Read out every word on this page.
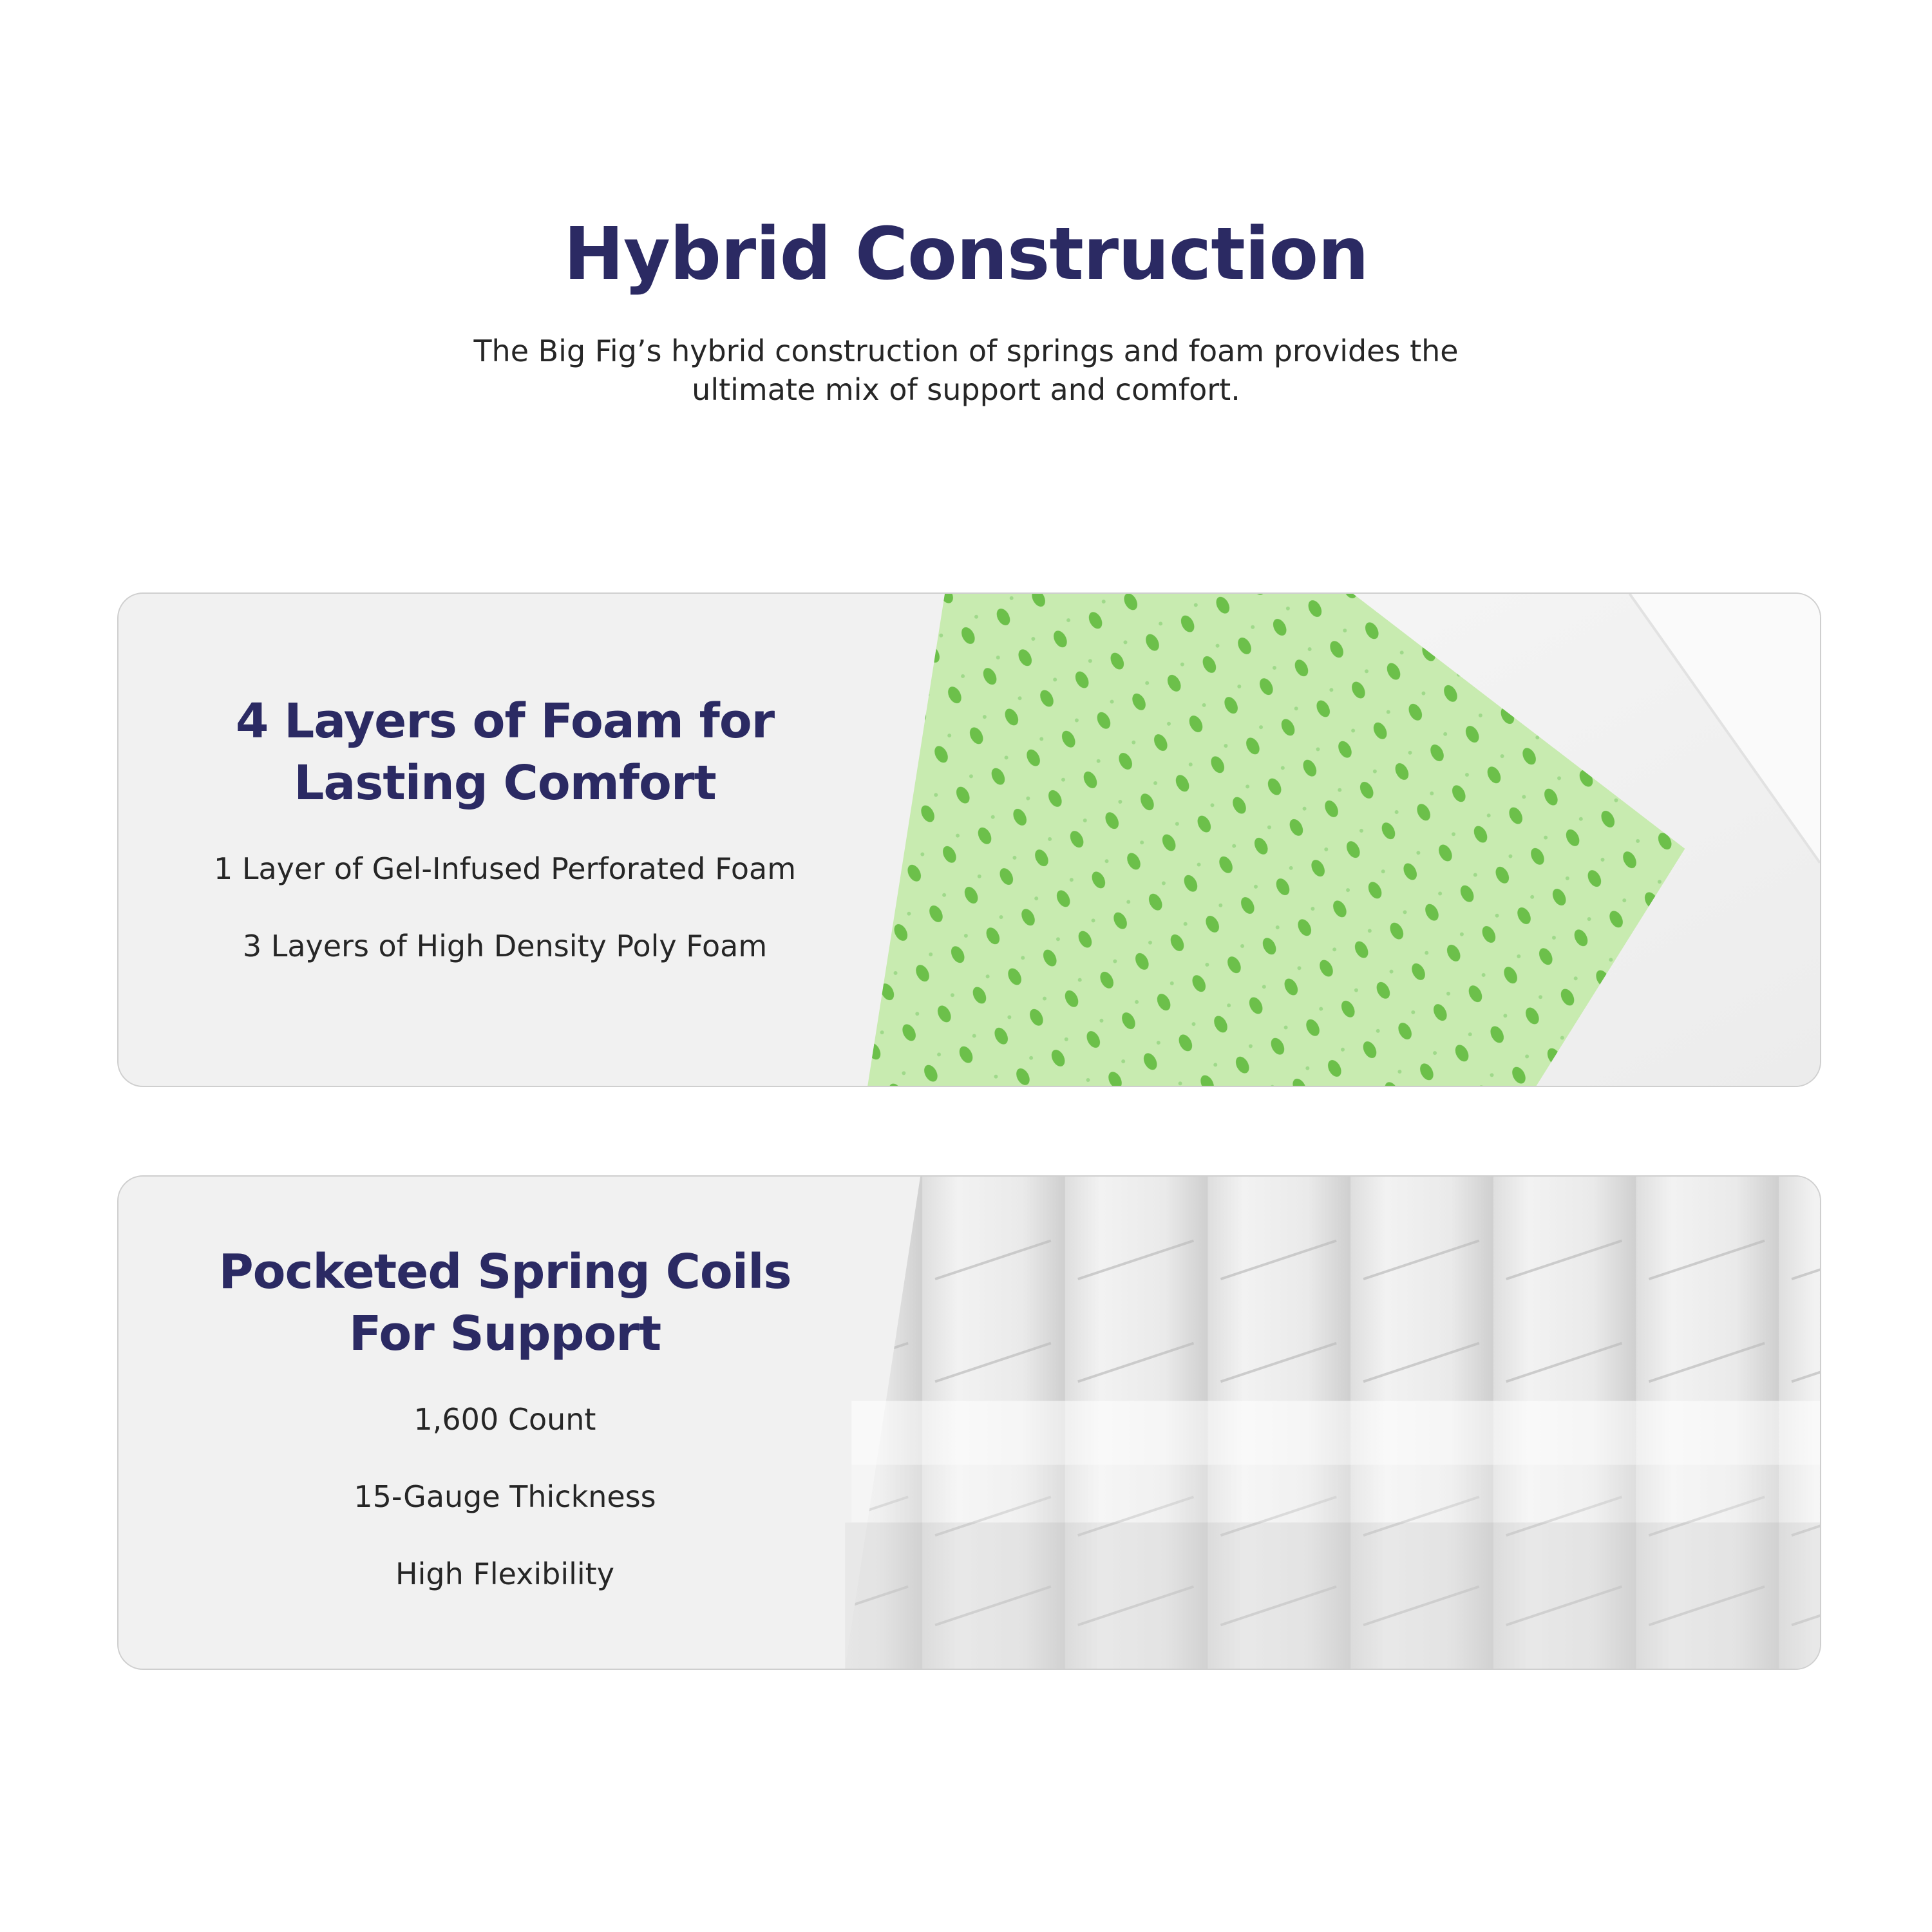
Hybrid Construction
The Big Fig’s hybrid construction of springs and foam provides the
ultimate mix of support and comfort.
4 Layers of Foam for
Lasting Comfort
1 Layer of Gel-Infused Perforated Foam
3 Layers of High Density Poly Foam
Pocketed Spring Coils
For Support
1,600 Count
15-Gauge Thickness
High Flexibility
